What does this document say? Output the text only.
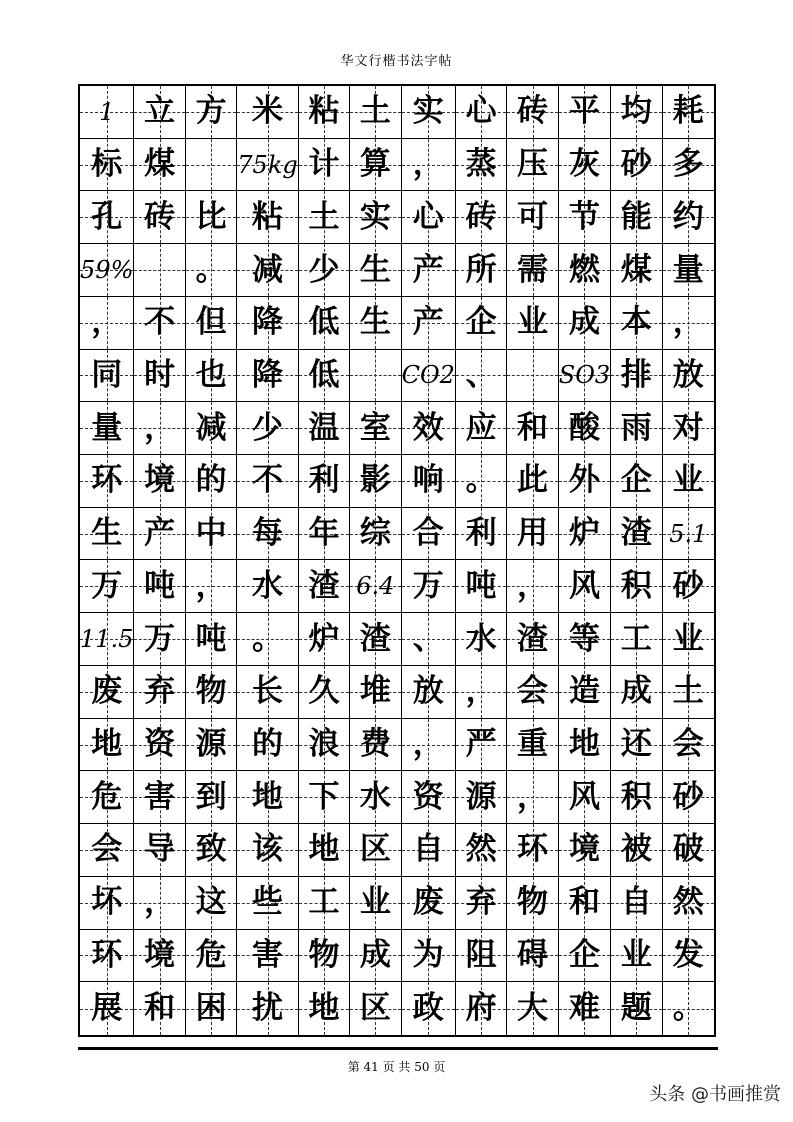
华文行楷书法字帖

1 立 方 米 粘 土 实 心 砖 平 均 耗
标 煤	75kg 计 算 ， 蒸 压 灰 砂 多
孔 砖 比 粘 土 实 心 砖 可 节 能 约
59% 。 减 少 生 产 所 需 燃 煤 量
， 不 但 降 低 生 产 企 业 成 本 ，
同 时 也 降 低	CO2 、	SO3 排 放
量 ， 减 少 温 室 效 应 和 酸 雨 对
环 境 的 不 利 影 响 。 此 外 企 业
生 产 中 每 年 综 合 利 用 炉 渣 5.1
万 吨 ， 水 渣 6.4 万 吨 ， 风 积 砂
11.5 万 吨 。 炉 渣 、 水 渣 等 工 业
废 弃 物 长 久 堆 放 ， 会 造 成 土
地 资 源 的 浪 费 ， 严 重 地 还 会
危 害 到 地 下 水 资 源 ， 风 积 砂
会 导 致 该 地 区 自 然 环 境 被 破
坏 ， 这 些 工 业 废 弃 物 和 自 然
环 境 危 害 物 成 为 阻 碍 企 业 发
展 和 困 扰 地 区 政 府 大 难 题 。
第 41 页 共 50 页
头条 @书画推赏
